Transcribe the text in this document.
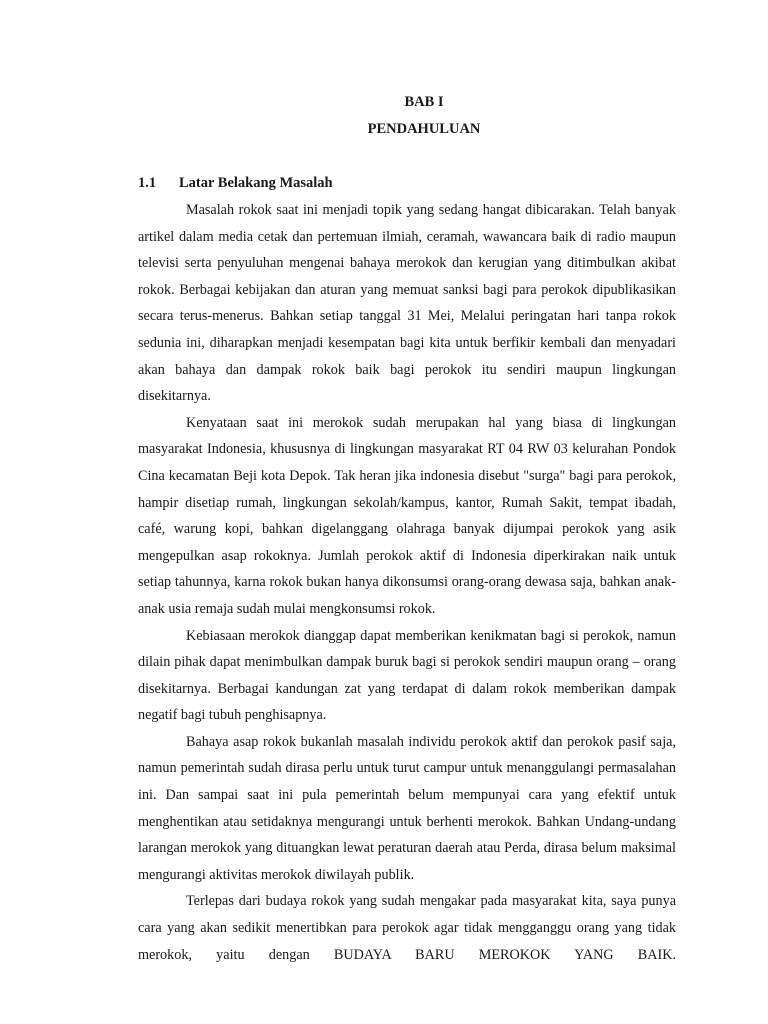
BAB I
PENDAHULUAN
1.1	Latar Belakang Masalah

Masalah rokok saat ini menjadi topik yang sedang hangat dibicarakan. Telah banyak artikel dalam media cetak dan pertemuan ilmiah, ceramah, wawancara baik di radio maupun televisi serta penyuluhan mengenai bahaya merokok dan kerugian yang ditimbulkan akibat rokok. Berbagai kebijakan dan aturan yang memuat sanksi bagi para perokok dipublikasikan secara terus-menerus. Bahkan setiap tanggal 31 Mei, Melalui peringatan hari tanpa rokok sedunia ini, diharapkan menjadi kesempatan bagi kita untuk berfikir kembali dan menyadari akan bahaya dan dampak rokok baik bagi perokok itu sendiri maupun lingkungan disekitarnya.

Kenyataan saat ini merokok sudah merupakan hal yang biasa di lingkungan masyarakat Indonesia, khususnya di lingkungan masyarakat RT 04 RW 03 kelurahan Pondok Cina kecamatan Beji kota Depok. Tak heran jika indonesia disebut "surga" bagi para perokok, hampir disetiap rumah, lingkungan sekolah/kampus, kantor, Rumah Sakit, tempat ibadah, café, warung kopi, bahkan digelanggang olahraga banyak dijumpai perokok yang asik mengepulkan asap rokoknya. Jumlah perokok aktif di Indonesia diperkirakan naik untuk setiap tahunnya, karna rokok bukan hanya dikonsumsi orang-orang dewasa saja, bahkan anak-anak usia remaja sudah mulai mengkonsumsi rokok.

Kebiasaan merokok dianggap dapat memberikan kenikmatan bagi si perokok, namun dilain pihak dapat menimbulkan dampak buruk bagi si perokok sendiri maupun orang – orang disekitarnya. Berbagai kandungan zat yang terdapat di dalam rokok memberikan dampak negatif bagi tubuh penghisapnya.

Bahaya asap rokok bukanlah masalah individu perokok aktif dan perokok pasif saja, namun pemerintah sudah dirasa perlu untuk turut campur untuk menanggulangi permasalahan ini. Dan sampai saat ini pula pemerintah belum mempunyai cara yang efektif untuk menghentikan atau setidaknya mengurangi untuk berhenti merokok. Bahkan Undang-undang larangan merokok yang dituangkan lewat peraturan daerah atau Perda, dirasa belum maksimal mengurangi aktivitas merokok diwilayah publik.

Terlepas dari budaya rokok yang sudah mengakar pada masyarakat kita, saya punya cara yang akan sedikit menertibkan para perokok agar tidak mengganggu orang yang tidak merokok, yaitu dengan BUDAYA BARU MEROKOK YANG BAIK.
